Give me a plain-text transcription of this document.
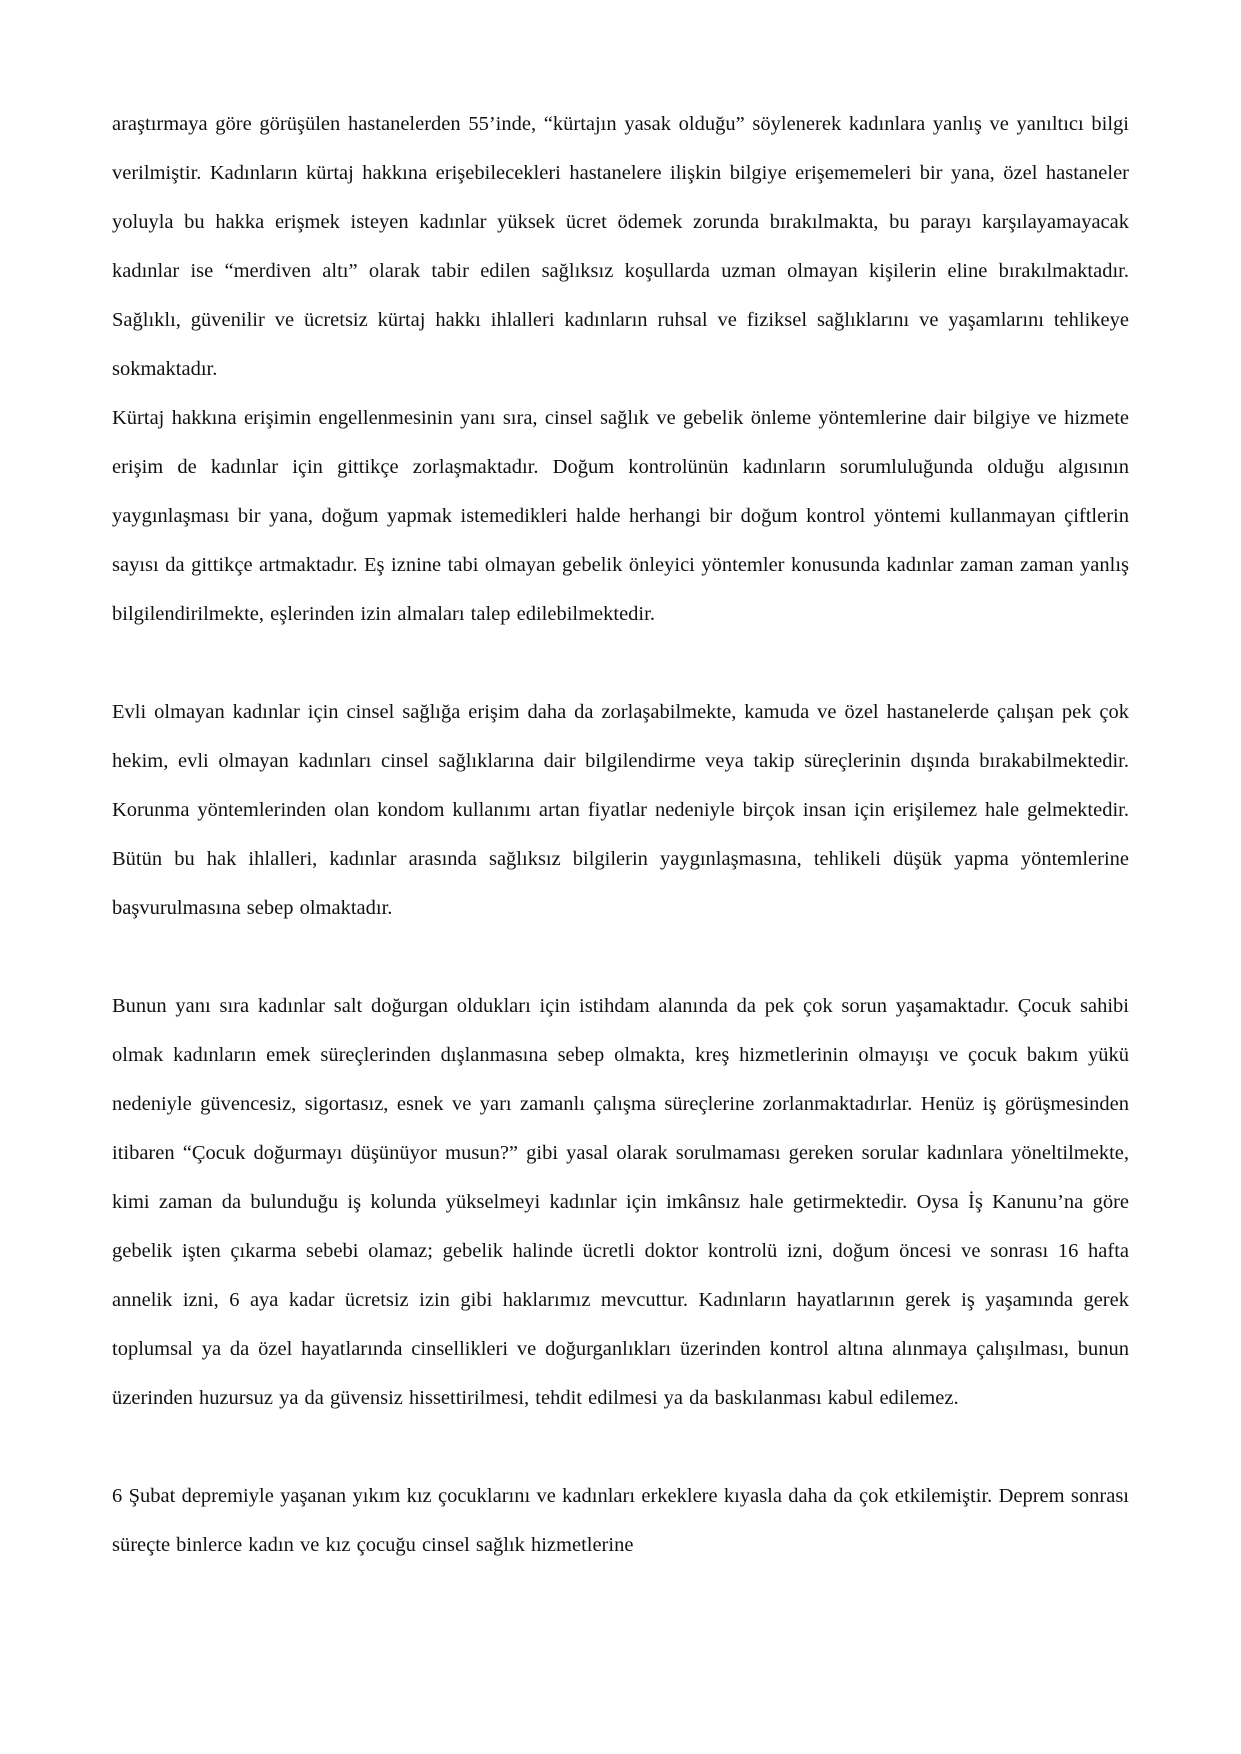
araştırmaya göre görüşülen hastanelerden 55’inde, “kürtajın yasak olduğu” söylenerek kadınlara yanlış ve yanıltıcı bilgi verilmiştir. Kadınların kürtaj hakkına erişebilecekleri hastanelere ilişkin bilgiye erişememeleri bir yana, özel hastaneler yoluyla bu hakka erişmek isteyen kadınlar yüksek ücret ödemek zorunda bırakılmakta, bu parayı karşılayamayacak kadınlar ise “merdiven altı” olarak tabir edilen sağlıksız koşullarda uzman olmayan kişilerin eline bırakılmaktadır. Sağlıklı, güvenilir ve ücretsiz kürtaj hakkı ihlalleri kadınların ruhsal ve fiziksel sağlıklarını ve yaşamlarını tehlikeye sokmaktadır.

Kürtaj hakkına erişimin engellenmesinin yanı sıra, cinsel sağlık ve gebelik önleme yöntemlerine dair bilgiye ve hizmete erişim de kadınlar için gittikçe zorlaşmaktadır. Doğum kontrolünün kadınların sorumluluğunda olduğu algısının yaygınlaşması bir yana, doğum yapmak istemedikleri halde herhangi bir doğum kontrol yöntemi kullanmayan çiftlerin sayısı da gittikçe artmaktadır. Eş iznine tabi olmayan gebelik önleyici yöntemler konusunda kadınlar zaman zaman yanlış bilgilendirilmekte, eşlerinden izin almaları talep edilebilmektedir.

Evli olmayan kadınlar için cinsel sağlığa erişim daha da zorlaşabilmekte, kamuda ve özel hastanelerde çalışan pek çok hekim, evli olmayan kadınları cinsel sağlıklarına dair bilgilendirme veya takip süreçlerinin dışında bırakabilmektedir. Korunma yöntemlerinden olan kondom kullanımı artan fiyatlar nedeniyle birçok insan için erişilemez hale gelmektedir. Bütün bu hak ihlalleri, kadınlar arasında sağlıksız bilgilerin yaygınlaşmasına, tehlikeli düşük yapma yöntemlerine başvurulmasına sebep olmaktadır.

Bunun yanı sıra kadınlar salt doğurgan oldukları için istihdam alanında da pek çok sorun yaşamaktadır. Çocuk sahibi olmak kadınların emek süreçlerinden dışlanmasına sebep olmakta, kreş hizmetlerinin olmayışı ve çocuk bakım yükü nedeniyle güvencesiz, sigortasız, esnek ve yarı zamanlı çalışma süreçlerine zorlanmaktadırlar. Henüz iş görüşmesinden itibaren “Çocuk doğurmayı düşünüyor musun?” gibi yasal olarak sorulmaması gereken sorular kadınlara yöneltilmekte, kimi zaman da bulunduğu iş kolunda yükselmeyi kadınlar için imkânsız hale getirmektedir. Oysa İş Kanunu’na göre gebelik işten çıkarma sebebi olamaz; gebelik halinde ücretli doktor kontrolü izni, doğum öncesi ve sonrası 16 hafta annelik izni, 6 aya kadar ücretsiz izin gibi haklarımız mevcuttur. Kadınların hayatlarının gerek iş yaşamında gerek toplumsal ya da özel hayatlarında cinsellikleri ve doğurganlıkları üzerinden kontrol altına alınmaya çalışılması, bunun üzerinden huzursuz ya da güvensiz hissettirilmesi, tehdit edilmesi ya da baskılanması kabul edilemez.

6 Şubat depremiyle yaşanan yıkım kız çocuklarını ve kadınları erkeklere kıyasla daha da çok etkilemiştir. Deprem sonrası süreçte binlerce kadın ve kız çocuğu cinsel sağlık hizmetlerine
